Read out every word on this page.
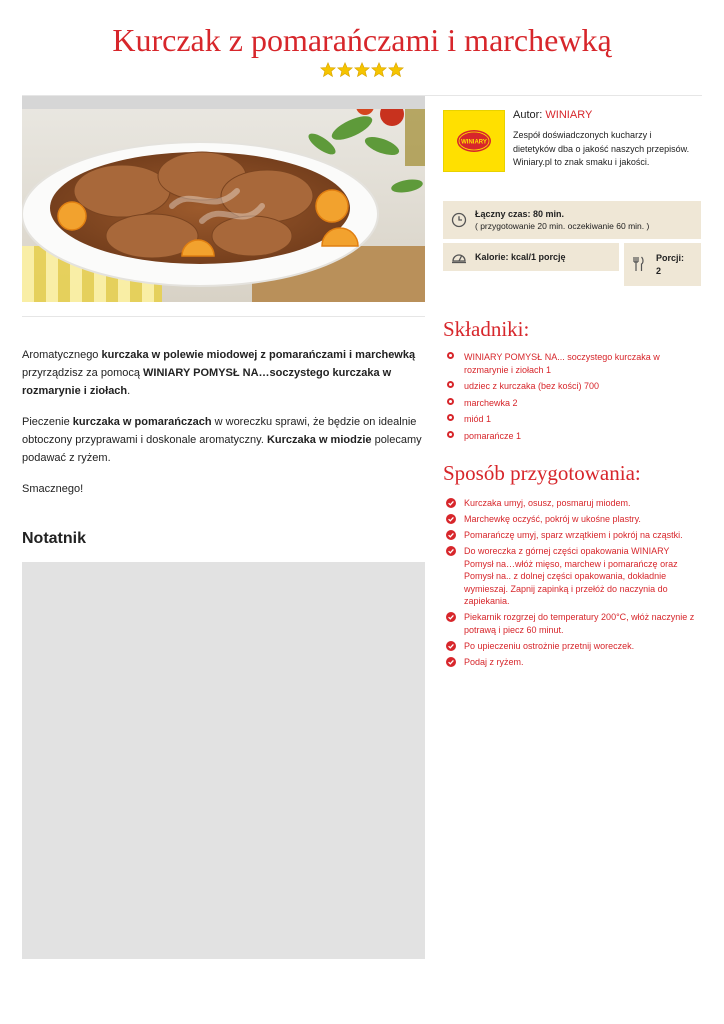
Kurczak z pomarańczami i marchewką
WINIARY
Autor: WINIARY
Zespół doświadczonych kucharzy i dietetyków dba o jakość naszych przepisów. Winiary.pl to znak smaku i jakości.
Łączny czas: 80 min.
( przygotowanie 20 min. oczekiwanie 60 min. )
Kalorie: kcal/1 porcję	Porcji:
2

Aromatycznego kurczaka w polewie miodowej z pomarańczami i marchewką przyrządzisz za pomocą WINIARY POMYSŁ NA…soczystego kurczaka w rozmarynie i ziołach.

Pieczenie kurczaka w pomarańczach w woreczku sprawi, że będzie on idealnie obtoczony przyprawami i doskonale aromatyczny. Kurczaka w miodzie polecamy podawać z ryżem.

Smacznego!

Notatnik
Składniki:
WINIARY POMYSŁ NA... soczystego kurczaka w rozmarynie i ziołach 1
udziec z kurczaka (bez kości) 700
marchewka 2
miód 1
pomarańcze 1
Sposób przygotowania:
Kurczaka umyj, osusz, posmaruj miodem.
Marchewkę oczyść, pokrój w ukośne plastry.
Pomarańczę umyj, sparz wrzątkiem i pokrój na cząstki.
Do woreczka z górnej części opakowania WINIARY Pomysł na…włóż mięso, marchew i pomarańczę oraz Pomysł na.. z dolnej części opakowania, dokładnie wymieszaj. Zapnij zapinką i przełóż do naczynia do zapiekania.
Piekarnik rozgrzej do temperatury 200°C, włóż naczynie z potrawą i piecz 60 minut.
Po upieczeniu ostrożnie przetnij woreczek.
Podaj z ryżem.
